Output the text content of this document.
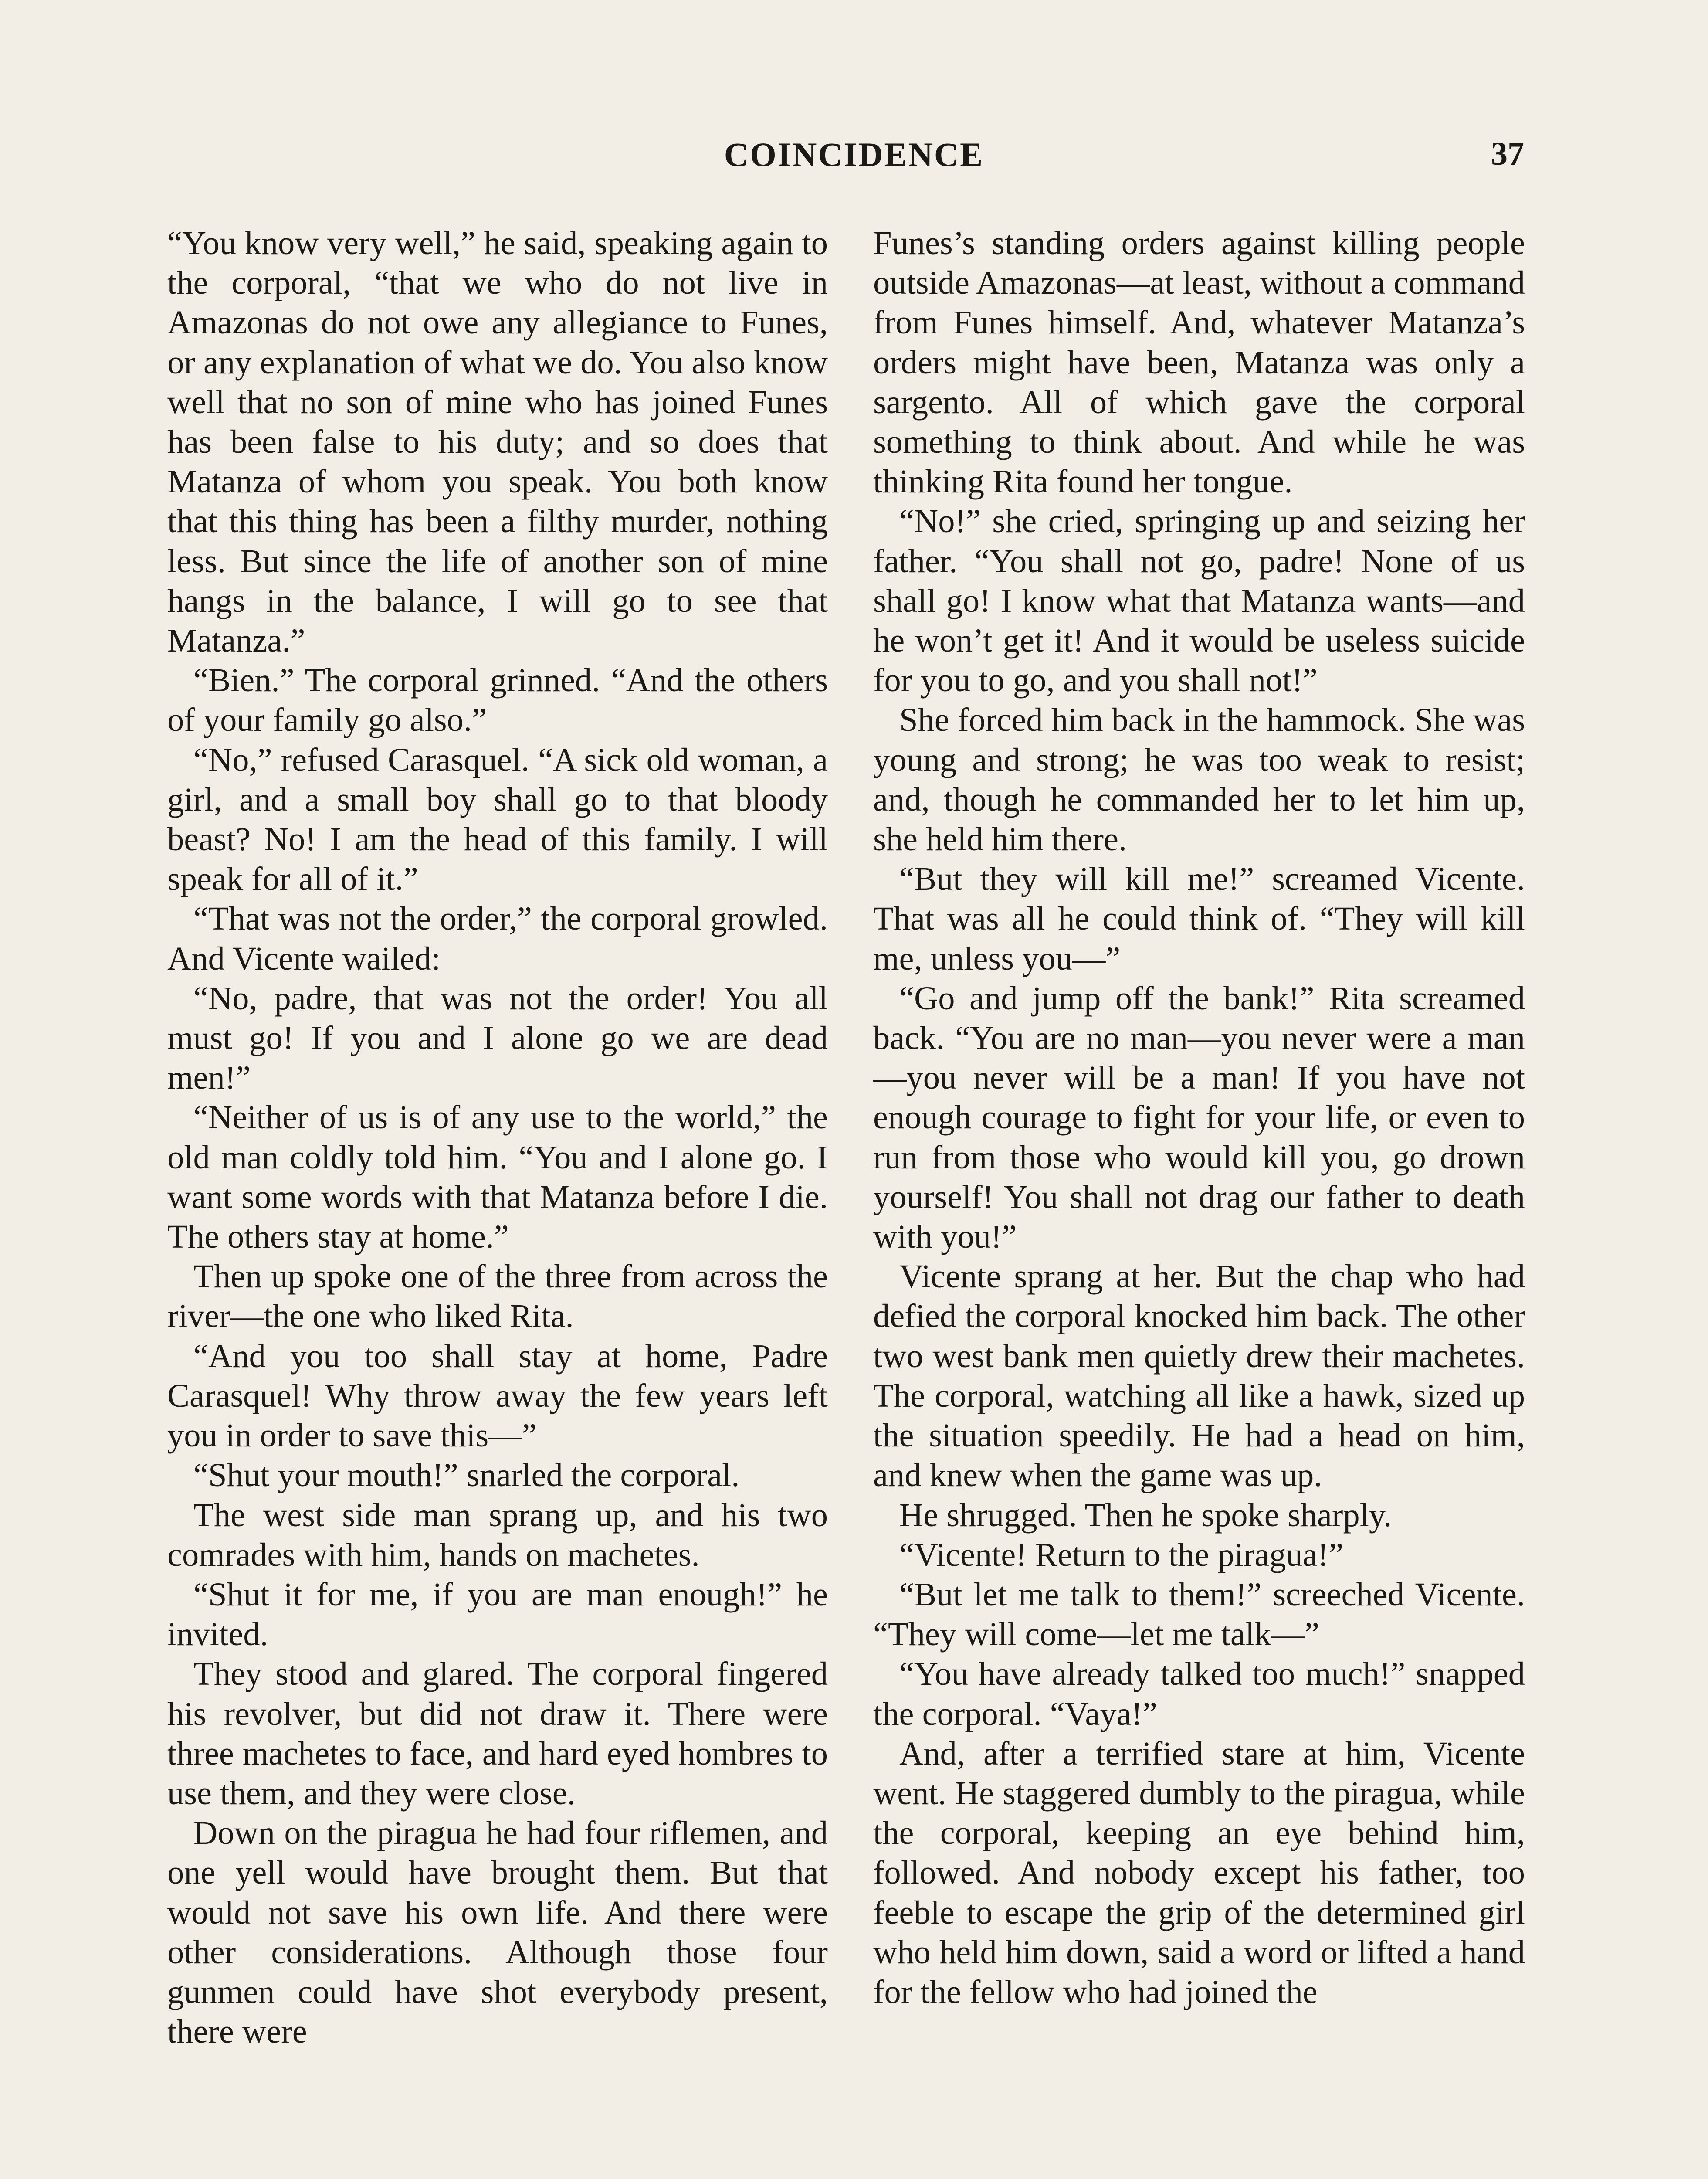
COINCIDENCE	37

“You know very well,” he said, speaking again to the corporal, “that we who do not live in Amazonas do not owe any allegiance to Funes, or any explanation of what we do. You also know well that no son of mine who has joined Funes has been false to his duty; and so does that Matanza of whom you speak. You both know that this thing has been a filthy murder, nothing less. But since the life of another son of mine hangs in the balance, I will go to see that Matanza.”

“Bien.” The corporal grinned. “And the others of your family go also.”

“No,” refused Carasquel. “A sick old woman, a girl, and a small boy shall go to that bloody beast? No! I am the head of this family. I will speak for all of it.”

“That was not the order,” the corporal growled. And Vicente wailed:

“No, padre, that was not the order! You all must go! If you and I alone go we are dead men!”

“Neither of us is of any use to the world,” the old man coldly told him. “You and I alone go. I want some words with that Matanza before I die. The others stay at home.”

Then up spoke one of the three from across the river—the one who liked Rita.

“And you too shall stay at home, Padre Carasquel! Why throw away the few years left you in order to save this—”

“Shut your mouth!” snarled the corporal.

The west side man sprang up, and his two comrades with him, hands on machetes.

“Shut it for me, if you are man enough!” he invited.

They stood and glared. The corporal fingered his revolver, but did not draw it. There were three machetes to face, and hard eyed hombres to use them, and they were close.

Down on the piragua he had four riflemen, and one yell would have brought them. But that would not save his own life. And there were other considerations. Although those four gunmen could have shot everybody present, there were

Funes’s standing orders against killing people outside Amazonas—at least, without a command from Funes himself. And, whatever Matanza’s orders might have been, Matanza was only a sargento. All of which gave the corporal something to think about. And while he was thinking Rita found her tongue.

“No!” she cried, springing up and seizing her father. “You shall not go, padre! None of us shall go! I know what that Matanza wants—and he won’t get it! And it would be useless suicide for you to go, and you shall not!”

She forced him back in the hammock. She was young and strong; he was too weak to resist; and, though he commanded her to let him up, she held him there.

“But they will kill me!” screamed Vicente. That was all he could think of. “They will kill me, unless you—”

“Go and jump off the bank!” Rita screamed back. “You are no man—you never were a man—you never will be a man! If you have not enough courage to fight for your life, or even to run from those who would kill you, go drown yourself! You shall not drag our father to death with you!”

Vicente sprang at her. But the chap who had defied the corporal knocked him back. The other two west bank men quietly drew their machetes. The corporal, watching all like a hawk, sized up the situation speedily. He had a head on him, and knew when the game was up.

He shrugged. Then he spoke sharply.

“Vicente! Return to the piragua!”

“But let me talk to them!” screeched Vicente. “They will come—let me talk—”

“You have already talked too much!” snapped the corporal. “Vaya!”

And, after a terrified stare at him, Vicente went. He staggered dumbly to the piragua, while the corporal, keeping an eye behind him, followed. And nobody except his father, too feeble to escape the grip of the determined girl who held him down, said a word or lifted a hand for the fellow who had joined the
